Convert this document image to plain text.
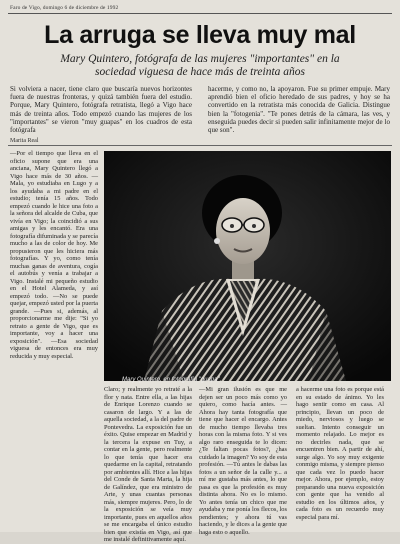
Faro de Vigo, domingo 6 de diciembre de 1992
La arruga se lleva muy mal
Mary Quintero, fotógrafa de las mujeres "importantes" en la sociedad viguesa de hace más de treinta años
Si volviera a nacer, tiene claro que buscaría nuevos horizontes fuera de nuestras fronteras, y quizá también fuera del estudio. Porque, Mary Quintero, fotógrafa retratista, llegó a Vigo hace más de treinta años. Todo empezó cuando las mujeres de los "importantes" se vieron "muy guapas" en los cuadros de esta fotógrafa
hacerme, y como no, la apoyaron. Fue su primer empuje. Mary aprendió bien el oficio heredado de sus padres, y hoy se ha convertido en la retratista más conocida de Galicia. Distingue bien la "fotogenia". "Te pones detrás de la cámara, las ves, y enseguida puedes decir si pueden salir infinitamente mejor de lo que son".
Marita Real
—Por el tiempo que lleva en el oficio supone que era una anciana, Mary Quintero llegó a Vigo hace más de 30 años. —Mala, yo estudiaba en Lugo y a los ayudaba a mi padre en el estudio; tenía 15 años. Todo empezó cuando le hice una foto a la señora del alcalde de Cuba, que vivía en Vigo; la coincidió a sus amigas y les encantó. Era una fotografía difuminada y se parecía mucho a las de color de hoy. Me propusieron que les hiciera más fotografías. Y yo, como tenía muchas ganas de aventura, cogía el autobús y venía a trabajar a Vigo. Instalé mi pequeño estudio en el Hotel Alameda, y así empezó todo. —No se puede quejar, empezó usted por la puerta grande. —Pues si, además, al proporcionarme me dije: "Si yo retrato a gente de Vigo, que es importante, voy a hacer una exposición". —Esa sociedad viguesa de entonces era muy reducida y muy especial.
Mary Quintero, en fotografía "guapa".
Claro; y realmente yo retraté a la flor y nata. Entre ella, a las hijas de Enrique Lorenzo cuando se casaron de largo. Y a las de aquella sociedad, a la del padre de Pontevedra. La exposición fue un éxito. Quise empezar en Madrid y la tercera la expuse en Tuy, a contar en la gente, pero realmente lo que tenía que hacer era quedarme en la capital, retratando por ambientes allí. Hice a las hijas del Conde de Santa Marta, la hija de Galíndez, que era ministro de Arte, y unas cuantas personas más, siempre mujeres. Pero, lo de la exposición se veía muy importante, pues en aquellos años se me encargaba el único estudio bien que existía en Vigo, así que me instalé definitivamente aquí.
—Mi gran ilusión es que me dejen ser un poco más como yo quiero, como hacía antes. —Ahora hay tanta fotografía que tiene que hacer el encargo. Antes de mucho tiempo llevaba tres horas con la misma foto. Y si ves algo raro enseguida te lo dicen: ¿Te faltan pocas fotos?, ¿has cuidado la imagen? Yo soy de esta profesión. —Tú antes le dabas las fotos a un señor de la calle y... a mí me gustaba más antes, lo que pasa es que la profesión es muy distinta ahora. No es lo mismo. Yo antes tenía un chico que me ayudaba y me ponía los flecos, los pendientes; y ahora tú vas haciendo, y le dices a la gente que haga esto o aquello.
a hacerme una foto es porque está en su estado de ánimo. Yo les hago sentir como en casa. Al principio, llevan un poco de miedo, nerviosos y luego se sueltan. Intento conseguir un momento relajado. Lo mejor es no decirles nada, que se encuentren bien. A partir de ahí, surge algo. Yo soy muy exigente conmigo misma, y siempre pienso que cada vez lo puedo hacer mejor. Ahora, por ejemplo, estoy preparando una nueva exposición con gente que ha venido al estudio en los últimos años, y cada foto es un recuerdo muy especial para mí.
